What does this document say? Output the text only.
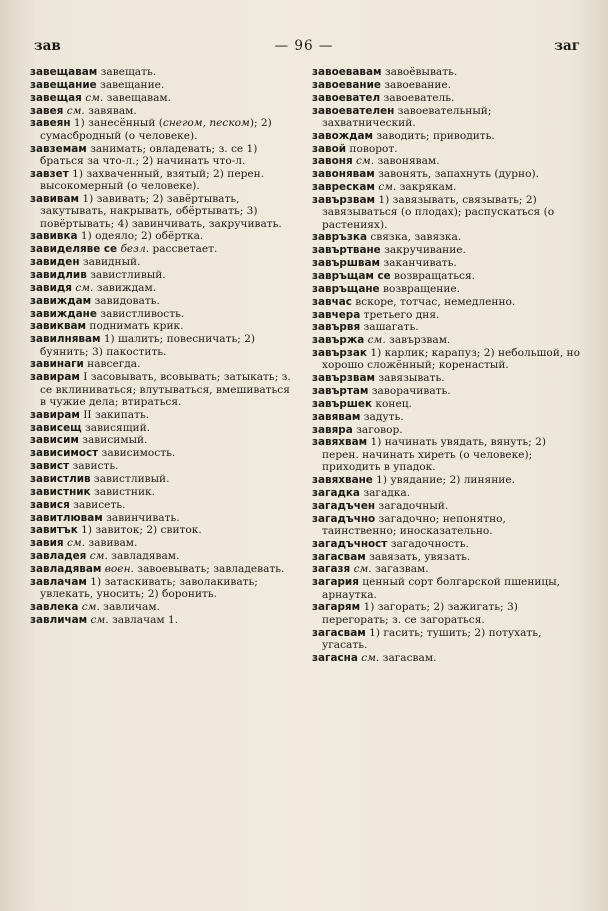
зав	— 96 —	заг
завещавам завещать.
завещание завещание.
завещая см. завещавам.
завея см. завявам.
завеян 1) занесённый (снегом, песком); 2) сумасбродный (о человеке).
завземам занимать; овладевать; з. се 1) браться за что-л.; 2) начинать что-л.
завзет 1) захваченный, взятый; 2) перен. высокомерный (о человеке).
завивам 1) завивать; 2) завёртывать, закутывать, накрывать, обёртывать; 3) повёртывать; 4) завинчивать, закручивать.
завивка 1) одеяло; 2) обёртка.
завиделяве се безл. рассветает.
завиден завидный.
завидлив завистливый.
завидя см. завиждам.
завиждам завидовать.
завиждане завистливость.
завиквам поднимать крик.
завилнявам 1) шалить; повесничать; 2) буянить; 3) пакостить.
завинаги навсегда.
завирам I засовывать, всовывать; затыкать; з. се вклиниваться; влутываться, вмешиваться в чужие дела; втираться.
завирам II закипать.
зависещ зависящий.
зависим зависимый.
зависимост зависимость.
завист зависть.
завистлив завистливый.
завистник завистник.
завися зависеть.
завитлювам завинчивать.
завитък 1) завиток; 2) свиток.
завия см. завивам.
завладея см. завладявам.
завладявам воен. завоевывать; завладевать.
завлачам 1) затаскивать; заволакивать; увлекать, уносить; 2) боронить.
завлека см. завличам.
завличам см. завлачам 1.
завоевавам завоёвывать.
завоевание завоевание.
завоевател завоеватель.
завоевателен завоевательный; захватнический.
завождам заводить; приводить.
завой поворот.
завоня см. завонявам.
завонявам завонять, запахнуть (дурно).
заврескам см. закрякам.
завързвам 1) завязывать, связывать; 2) завязываться (о плодах); распускаться (о растениях).
завръзка связка, завязка.
завъртване закручивание.
завършвам заканчивать.
завръщам се возвращаться.
завръщане возвращение.
завчас вскоре, тотчас, немедленно.
завчера третьего дня.
завървя зашагать.
завържа см. завързвам.
завързак 1) карлик; карапуз; 2) небольшой, но хорошо сложённый; коренастый.
завързвам завязывать.
завъртам заворачивать.
завършек конец.
завявам задуть.
завяра заговор.
завяхвам 1) начинать увядать, вянуть; 2) перен. начинать хиреть (о человеке); приходить в упадок.
завяхване 1) увядание; 2) линяние.
загадка загадка.
загадъчен загадочный.
загадъчно загадочно; непонятно, таинственно; иносказательно.
загадъчност загадочность.
загасвам завязать, увязать.
загазя см. загазвам.
загария ценный сорт болгарской пшеницы, арнаутка.
загарям 1) загорать; 2) зажигать; 3) перегорать; з. се загораться.
загасвам 1) гасить; тушить; 2) потухать, угасать.
загасна см. загасвам.
